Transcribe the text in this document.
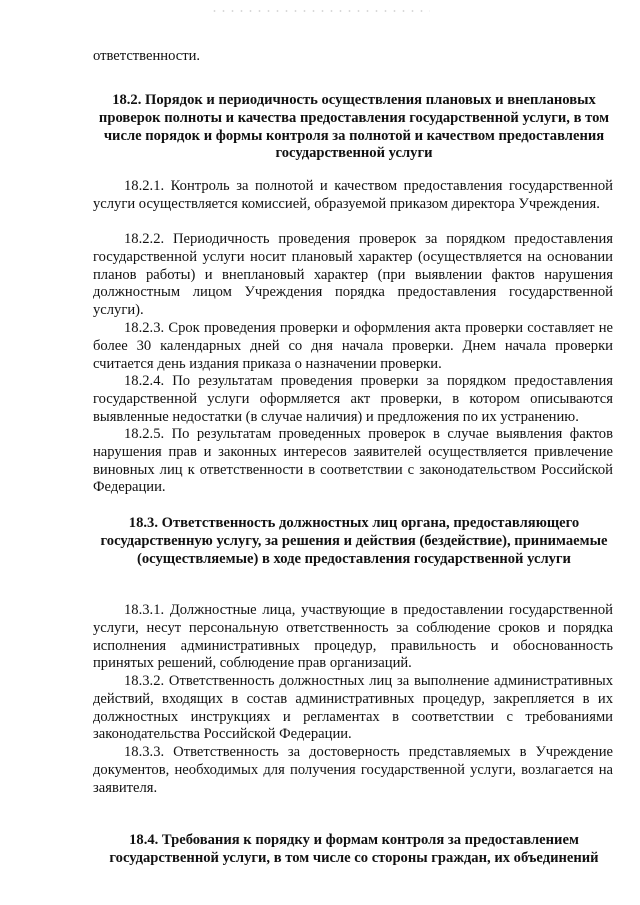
ответственности.

18.2. Порядок и периодичность осуществления плановых и внеплановых проверок полноты и качества предоставления государственной услуги, в том числе порядок и формы контроля за полнотой и качеством предоставления государственной услуги

18.2.1. Контроль за полнотой и качеством предоставления государственной услуги осуществляется комиссией, образуемой приказом директора Учреждения.

18.2.2. Периодичность проведения проверок за порядком предоставления государственной услуги носит плановый характер (осуществляется на основании планов работы) и внеплановый характер (при выявлении фактов нарушения должностным лицом Учреждения порядка предоставления государственной услуги).

18.2.3. Срок проведения проверки и оформления акта проверки составляет не более 30 календарных дней со дня начала проверки. Днем начала проверки считается день издания приказа о назначении проверки.

18.2.4. По результатам проведения проверки за порядком предоставления государственной услуги оформляется акт проверки, в котором описываются выявленные недостатки (в случае наличия) и предложения по их устранению.

18.2.5. По результатам проведенных проверок в случае выявления фактов нарушения прав и законных интересов заявителей осуществляется привлечение виновных лиц к ответственности в соответствии с законодательством Российской Федерации.

18.3. Ответственность должностных лиц органа, предоставляющего государственную услугу, за решения и действия (бездействие), принимаемые (осуществляемые) в ходе предоставления государственной услуги

18.3.1. Должностные лица, участвующие в предоставлении государственной услуги, несут персональную ответственность за соблюдение сроков и порядка исполнения административных процедур, правильность и обоснованность принятых решений, соблюдение прав организаций.

18.3.2. Ответственность должностных лиц за выполнение административных действий, входящих в состав административных процедур, закрепляется в их должностных инструкциях и регламентах в соответствии с требованиями законодательства Российской Федерации.

18.3.3. Ответственность за достоверность представляемых в Учреждение документов, необходимых для получения государственной услуги, возлагается на заявителя.

18.4. Требования к порядку и формам контроля за предоставлением государственной услуги, в том числе со стороны граждан, их объединений
